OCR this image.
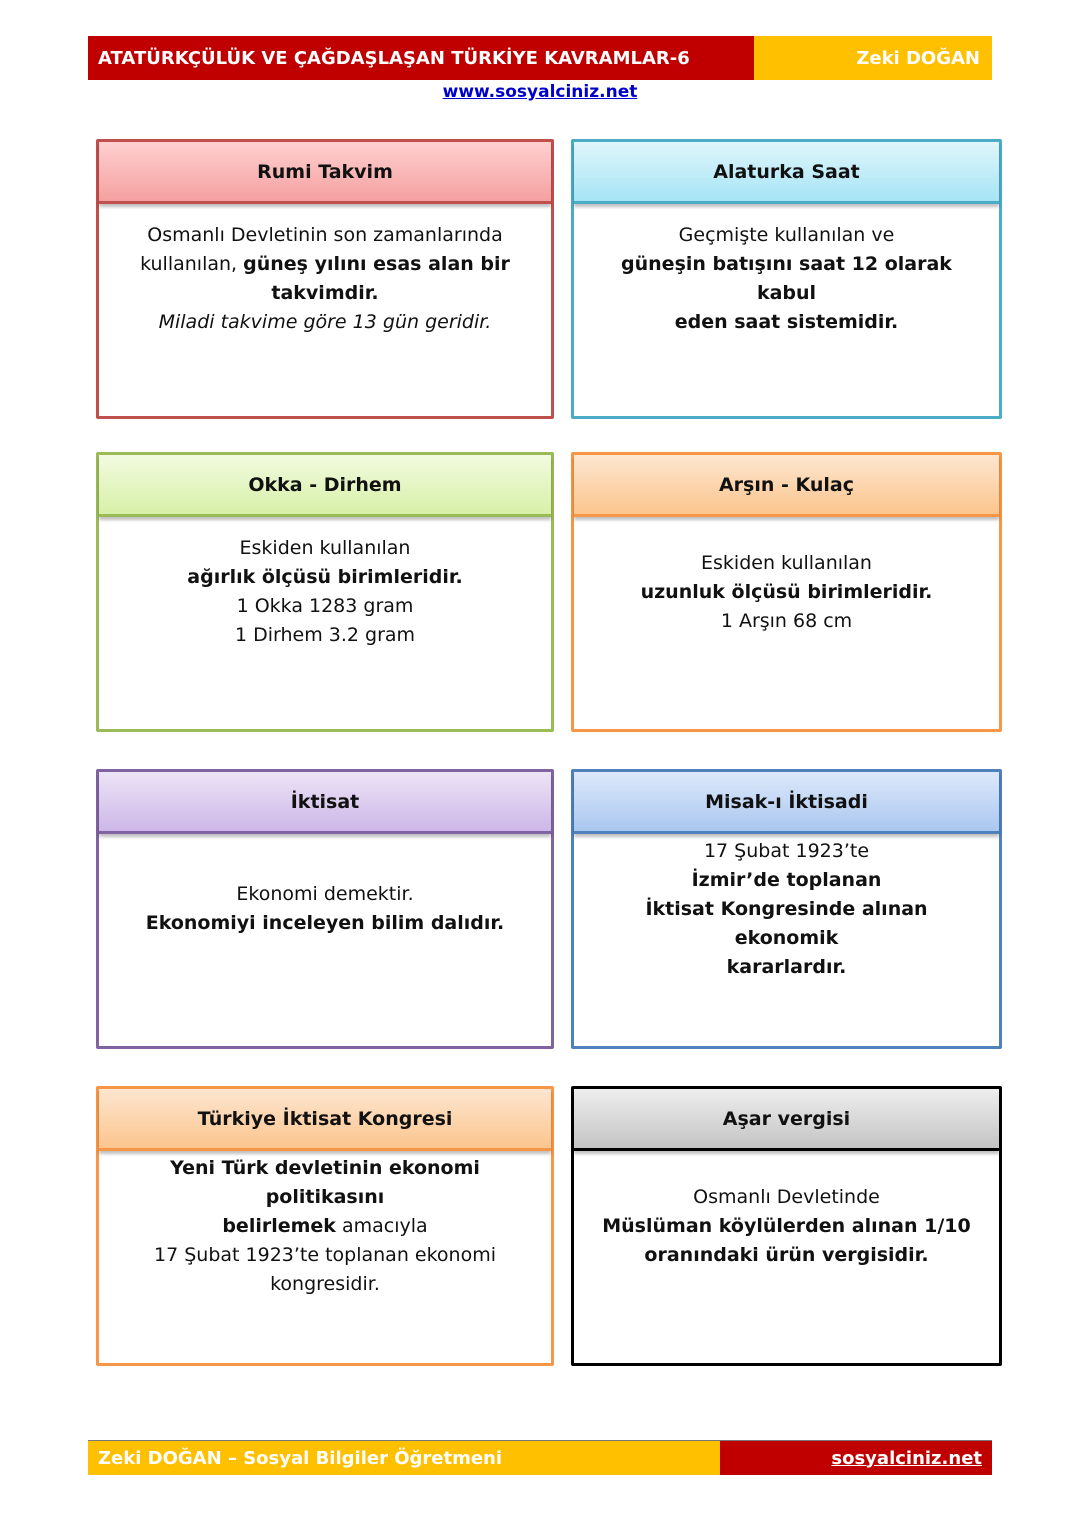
ATATÜRKÇÜLÜK VE ÇAĞDAŞLAŞAN TÜRKİYE KAVRAMLAR-6	Zeki DOĞAN
www.sosyalciniz.net
Rumi Takvim
Osmanlı Devletinin son zamanlarında
kullanılan, güneş yılını esas alan bir
takvimdir.
Miladi takvime göre 13 gün geridir.
Alaturka Saat
Geçmişte kullanılan ve
güneşin batışını saat 12 olarak kabul
eden saat sistemidir.
Okka - Dirhem
Eskiden kullanılan
ağırlık ölçüsü birimleridir.
1 Okka 1283 gram
1 Dirhem 3.2 gram
Arşın - Kulaç
Eskiden kullanılan
uzunluk ölçüsü birimleridir.
1 Arşın 68 cm
İktisat
Ekonomi demektir.
Ekonomiyi inceleyen bilim dalıdır.
Misak-ı İktisadi
17 Şubat 1923’te
İzmir’de toplanan
İktisat Kongresinde alınan ekonomik
kararlardır.
Türkiye İktisat Kongresi
Yeni Türk devletinin ekonomi politikasını
belirlemek amacıyla
17 Şubat 1923’te toplanan ekonomi
kongresidir.
Aşar vergisi
Osmanlı Devletinde
Müslüman köylülerden alınan 1/10
oranındaki ürün vergisidir.
Zeki DOĞAN – Sosyal Bilgiler Öğretmeni	sosyalciniz.net
